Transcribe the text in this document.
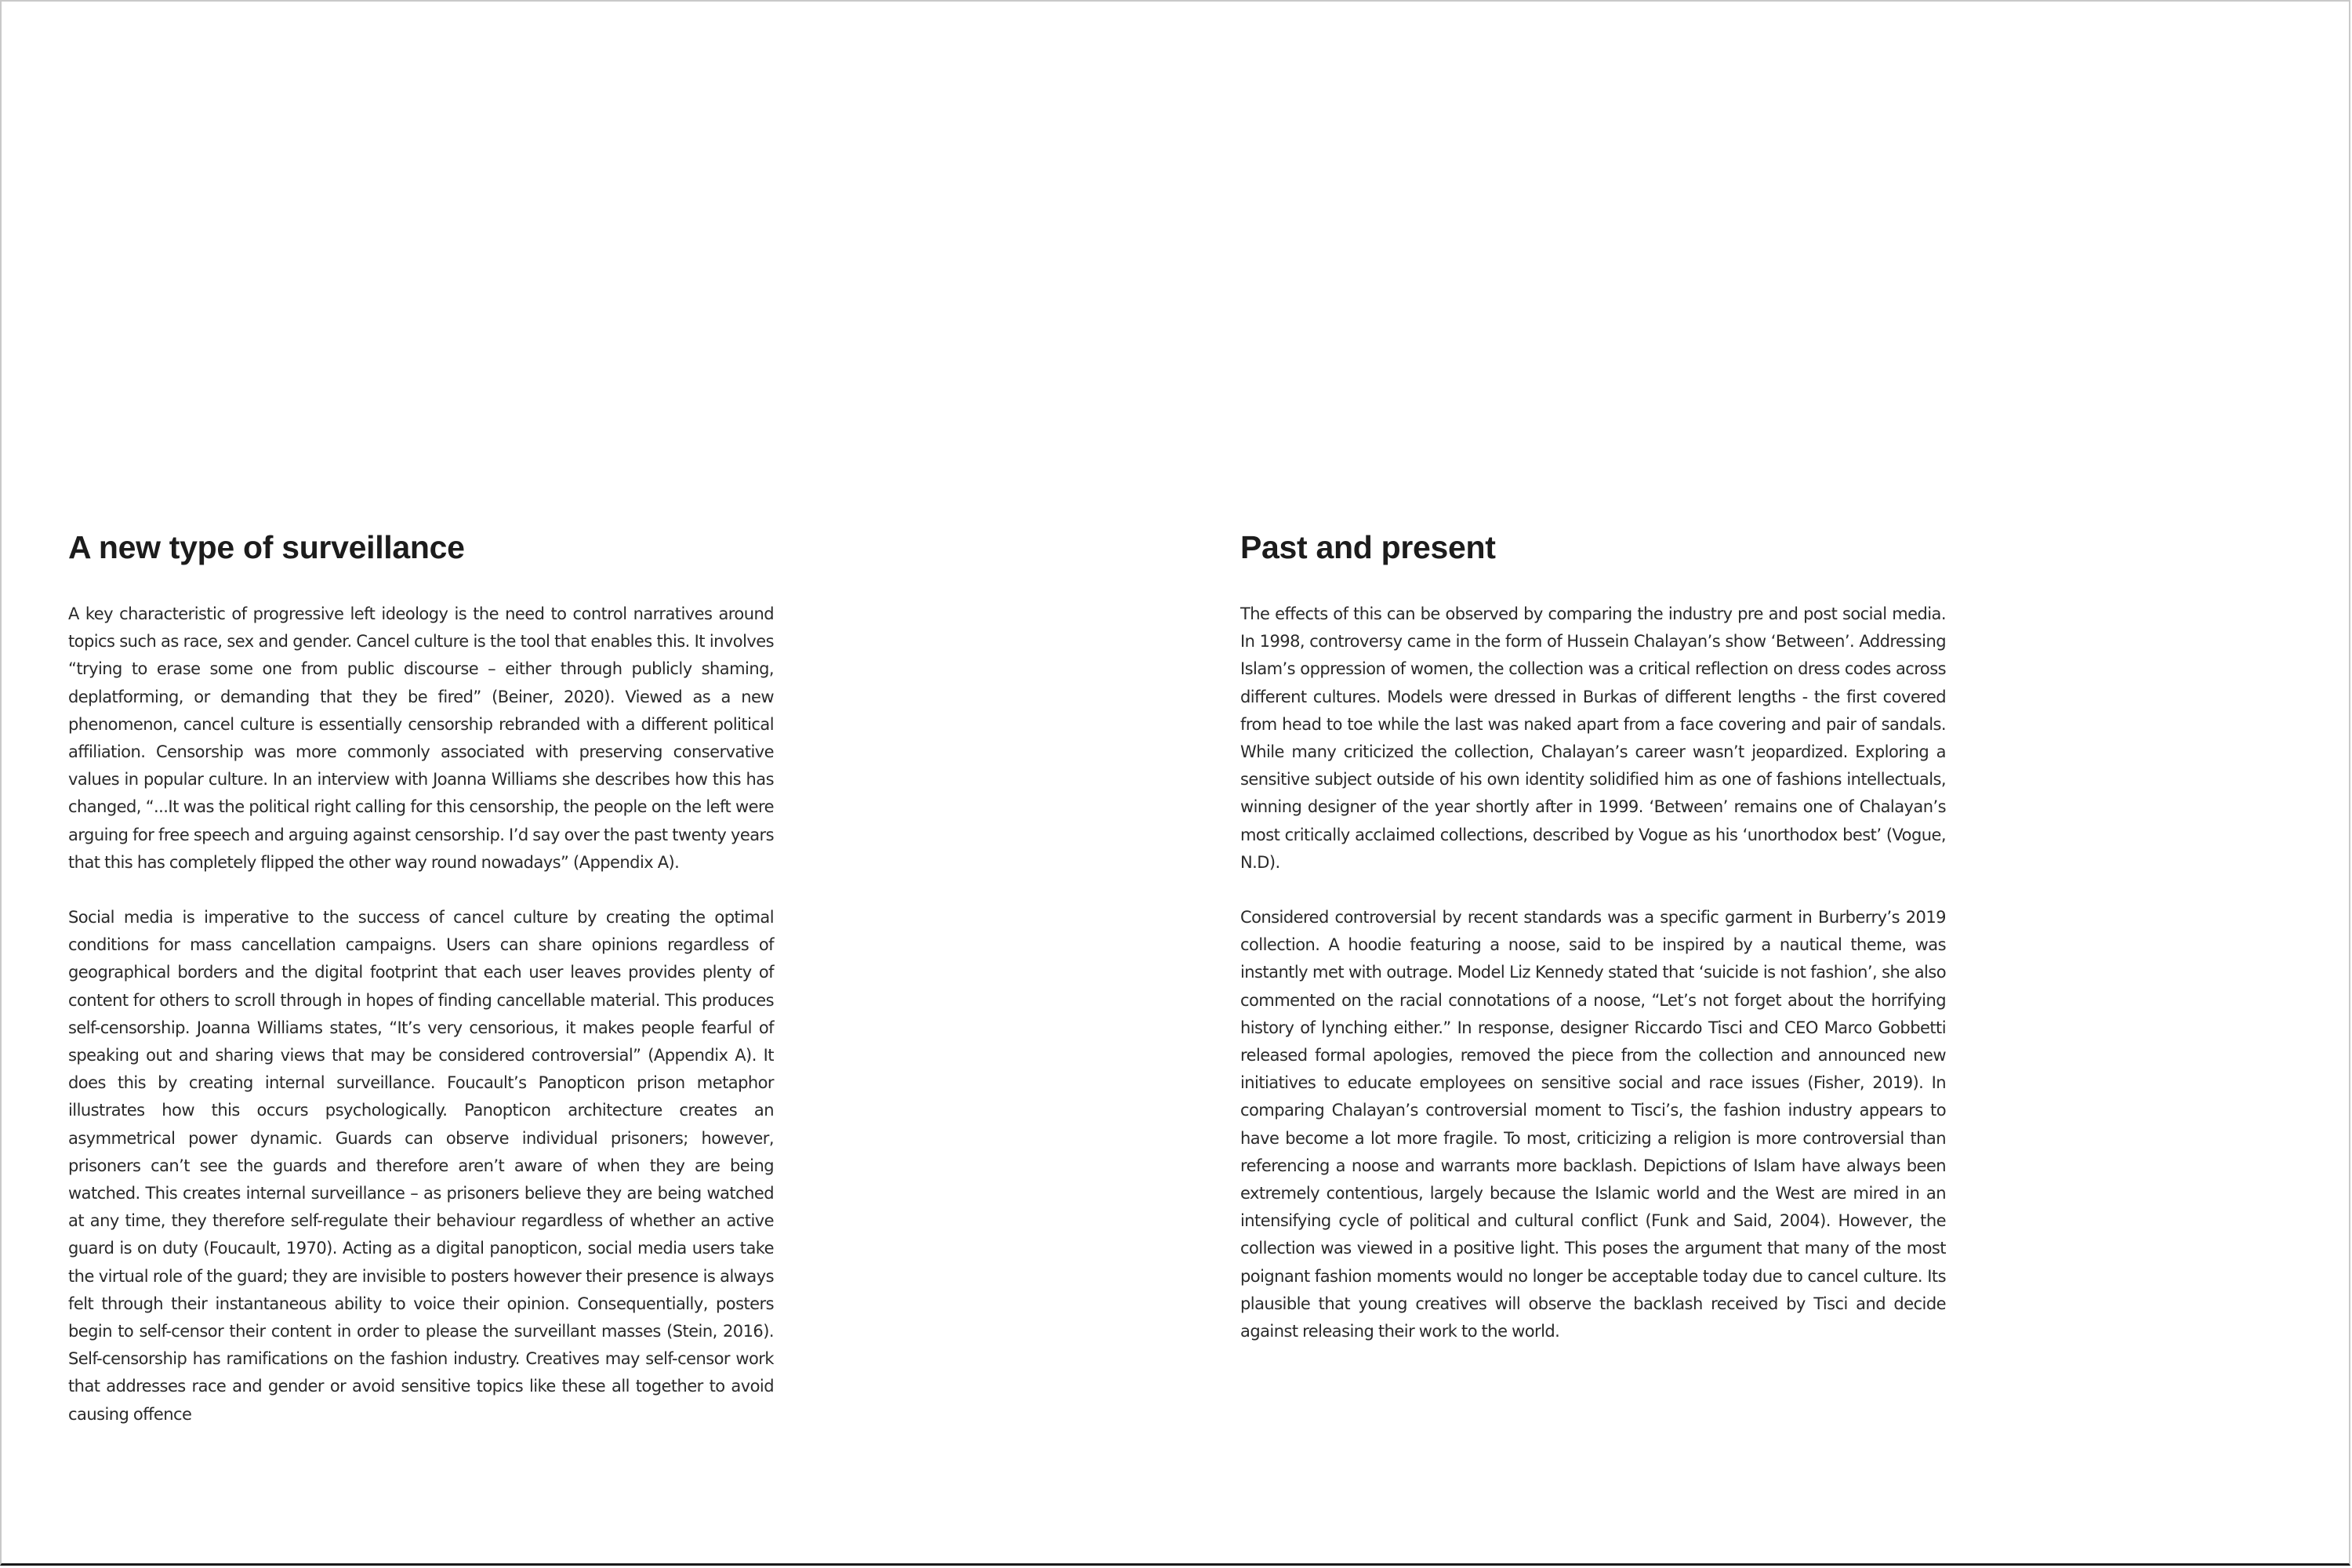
A new type of surveillance

A key characteristic of progressive left ideology is the need to control narratives around topics such as race, sex and gender. Cancel culture is the tool that enables this. It involves “trying to erase some one from public discourse – either through publicly shaming, deplatforming, or demanding that they be fired” (Beiner, 2020). Viewed as a new phenomenon, cancel culture is essentially censorship rebranded with a different political affiliation. Censorship was more commonly associated with preserving conservative values in popular culture. In an interview with Joanna Williams she describes how this has changed, “...It was the political right calling for this censorship, the people on the left were arguing for free speech and arguing against censorship. I’d say over the past twenty years that this has completely flipped the other way round nowadays” (Appendix A).

Social media is imperative to the success of cancel culture by creating the optimal conditions for mass cancellation campaigns. Users can share opinions regardless of geographical borders and the digital footprint that each user leaves provides plenty of content for others to scroll through in hopes of finding cancellable material. This produces self-censorship. Joanna Williams states, “It’s very censorious, it makes people fearful of speaking out and sharing views that may be considered controversial” (Appendix A). It does this by creating internal surveillance. Foucault’s Panopticon prison metaphor illustrates how this occurs psychologically. Panopticon architecture creates an asymmetrical power dynamic. Guards can observe individual prisoners; however, prisoners can’t see the guards and therefore aren’t aware of when they are being watched. This creates internal surveillance – as prisoners believe they are being watched at any time, they therefore self-regulate their behaviour regardless of whether an active guard is on duty (Foucault, 1970). Acting as a digital panopticon, social media users take the virtual role of the guard; they are invisible to posters however their presence is always felt through their instantaneous ability to voice their opinion. Consequentially, posters begin to self-censor their content in order to please the surveillant masses (Stein, 2016). Self-censorship has ramifications on the fashion industry. Creatives may self-censor work that addresses race and gender or avoid sensitive topics like these all together to avoid causing offence

Past and present

The effects of this can be observed by comparing the industry pre and post social media. In 1998, controversy came in the form of Hussein Chalayan’s show ‘Between’. Addressing Islam’s oppression of women, the collection was a critical reflection on dress codes across different cultures. Models were dressed in Burkas of different lengths - the first covered from head to toe while the last was naked apart from a face covering and pair of sandals. While many criticized the collection, Chalayan’s career wasn’t jeopardized. Exploring a sensitive subject outside of his own identity solidified him as one of fashions intellectuals, winning designer of the year shortly after in 1999. ‘Between’ remains one of Chalayan’s most critically acclaimed collections, described by Vogue as his ‘unorthodox best’ (Vogue, N.D).

Considered controversial by recent standards was a specific garment in Burberry’s 2019 collection. A hoodie featuring a noose, said to be inspired by a nautical theme, was instantly met with outrage. Model Liz Kennedy stated that ‘suicide is not fashion’, she also commented on the racial connotations of a noose, “Let’s not forget about the horrifying history of lynching either.” In response, designer Riccardo Tisci and CEO Marco Gobbetti released formal apologies, removed the piece from the collection and announced new initiatives to educate employees on sensitive social and race issues (Fisher, 2019). In comparing Chalayan’s controversial moment to Tisci’s, the fashion industry appears to have become a lot more fragile. To most, criticizing a religion is more controversial than referencing a noose and warrants more backlash. Depictions of Islam have always been extremely contentious, largely because the Islamic world and the West are mired in an intensifying cycle of political and cultural conflict (Funk and Said, 2004). However, the collection was viewed in a positive light. This poses the argument that many of the most poignant fashion moments would no longer be acceptable today due to cancel culture. Its plausible that young creatives will observe the backlash received by Tisci and decide against releasing their work to the world.
